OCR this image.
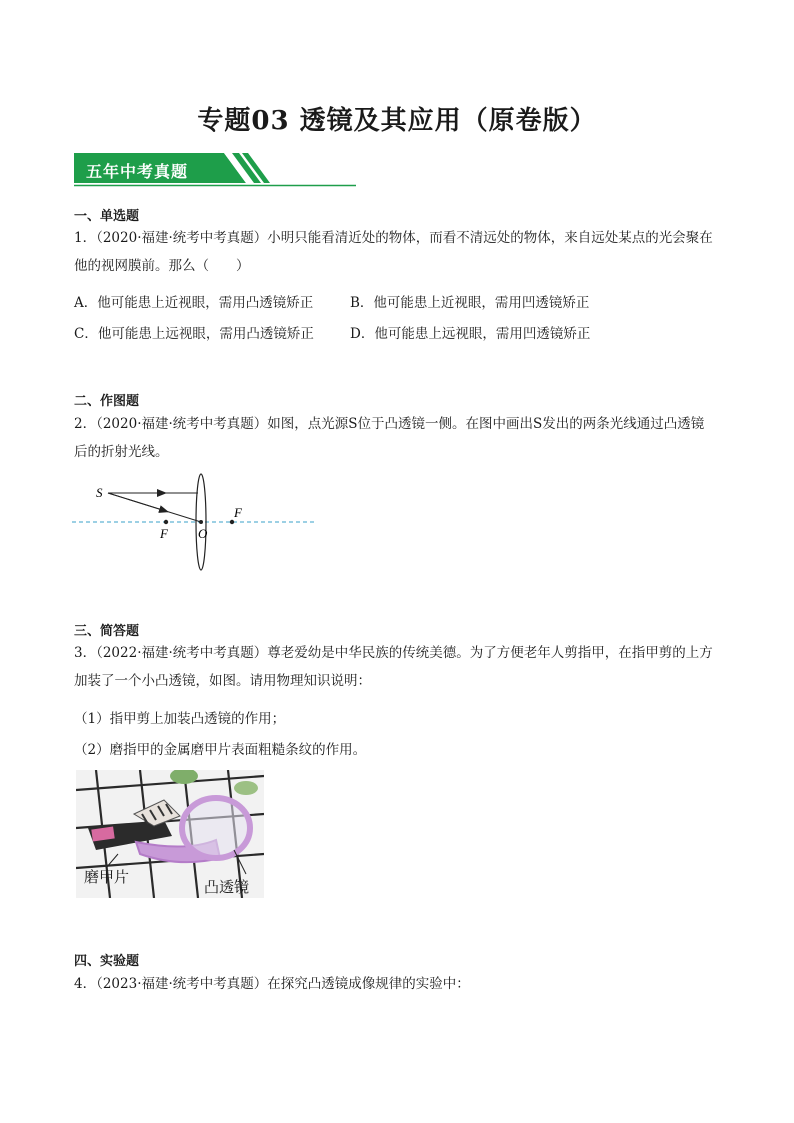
专题03 透镜及其应用（原卷版）
五年中考真题
一、单选题
1．（2020·福建·统考中考真题）小明只能看清近处的物体，而看不清远处的物体，来自远处某点的光会聚在
他的视网膜前。那么（　　）
A．他可能患上近视眼，需用凸透镜矫正	B．他可能患上近视眼，需用凹透镜矫正
C．他可能患上远视眼，需用凸透镜矫正	D．他可能患上远视眼，需用凹透镜矫正
二、作图题
2．（2020·福建·统考中考真题）如图，点光源S位于凸透镜一侧。在图中画出S发出的两条光线通过凸透镜
后的折射光线。
S
F O
F
三、简答题
3．（2022·福建·统考中考真题）尊老爱幼是中华民族的传统美德。为了方便老年人剪指甲，在指甲剪的上方
加装了一个小凸透镜，如图。请用物理知识说明：
（1）指甲剪上加装凸透镜的作用；
（2）磨指甲的金属磨甲片表面粗糙条纹的作用。
磨甲片
凸透镜
四、实验题
4．（2023·福建·统考中考真题）在探究凸透镜成像规律的实验中：
